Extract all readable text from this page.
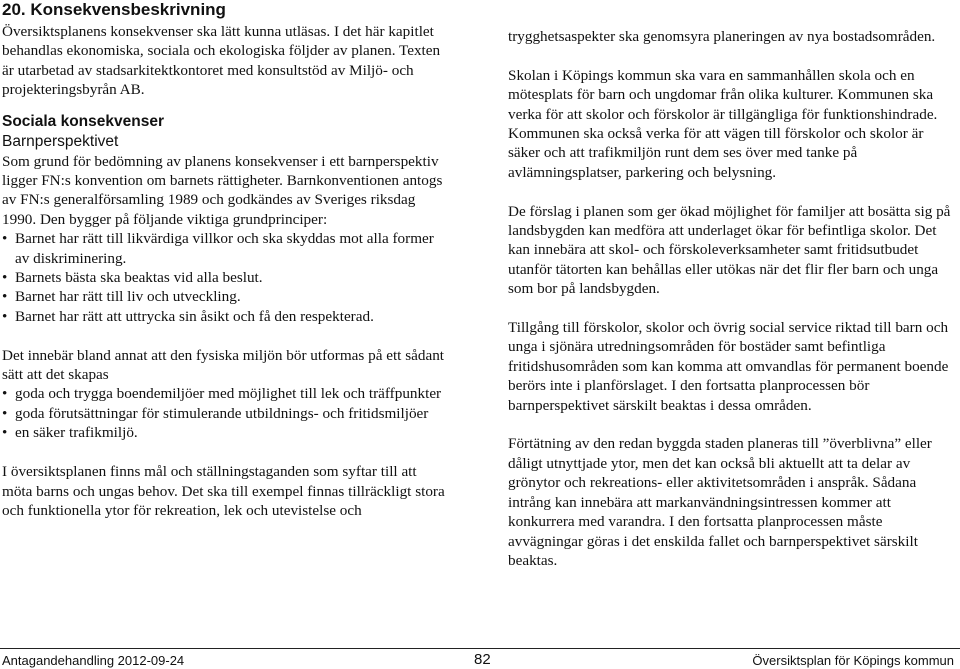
20. Konsekvensbeskrivning

Översiktsplanens konsekvenser ska lätt kunna utläsas. I det här kapitlet behandlas ekonomiska, sociala och ekologiska följder av planen. Texten är utarbetad av stadsarkitektkontoret med konsultstöd av Miljö- och projekteringsbyrån AB.

Sociala konsekvenser

Barnperspektivet

Som grund för bedömning av planens konsekvenser i ett barnperspektiv ligger FN:s konvention om barnets rättigheter. Barnkonventionen antogs av FN:s generalförsamling 1989 och godkändes av Sveriges riksdag 1990. Den bygger på följande viktiga grundprinciper:

• Barnet har rätt till likvärdiga villkor och ska skyddas mot alla former av diskriminering.
• Barnets bästa ska beaktas vid alla beslut.
• Barnet har rätt till liv och utveckling.
• Barnet har rätt att uttrycka sin åsikt och få den respekterad.

Det innebär bland annat att den fysiska miljön bör utformas på ett sådant sätt att det skapas

• goda och trygga boendemiljöer med möjlighet till lek och träffpunkter
• goda förutsättningar för stimulerande utbildnings- och fritidsmiljöer
• en säker trafikmiljö.

I översiktsplanen finns mål och ställningstaganden som syftar till att möta barns och ungas behov. Det ska till exempel finnas tillräckligt stora och funktionella ytor för rekreation, lek och utevistelse och

trygghetsaspekter ska genomsyra planeringen av nya bostadsområden.

Skolan i Köpings kommun ska vara en sammanhållen skola och en mötesplats för barn och ungdomar från olika kulturer. Kommunen ska verka för att skolor och förskolor är tillgängliga för funktionshindrade. Kommunen ska också verka för att vägen till förskolor och skolor är säker och att trafikmiljön runt dem ses över med tanke på avlämningsplatser, parkering och belysning.

De förslag i planen som ger ökad möjlighet för familjer att bosätta sig på landsbygden kan medföra att underlaget ökar för befintliga skolor. Det kan innebära att skol- och förskoleverksamheter samt fritidsutbudet utanför tätorten kan behållas eller utökas när det flir fler barn och unga som bor på landsbygden.

Tillgång till förskolor, skolor och övrig social service riktad till barn och unga i sjönära utredningsområden för bostäder samt befintliga fritidshusområden som kan komma att omvandlas för permanent boende berörs inte i planförslaget. I den fortsatta planprocessen bör barnperspektivet särskilt beaktas i dessa områden.

Förtätning av den redan byggda staden planeras till ”överblivna” eller dåligt utnyttjade ytor, men det kan också bli aktuellt att ta delar av grönytor och rekreations- eller aktivitetsområden i anspråk. Sådana intrång kan innebära att markanvändningsintressen kommer att konkurrera med varandra. I den fortsatta planprocessen måste avvägningar göras i det enskilda fallet och barnperspektivet särskilt beaktas.

Antagandehandling 2012-09-24	82	Översiktsplan för Köpings kommun
